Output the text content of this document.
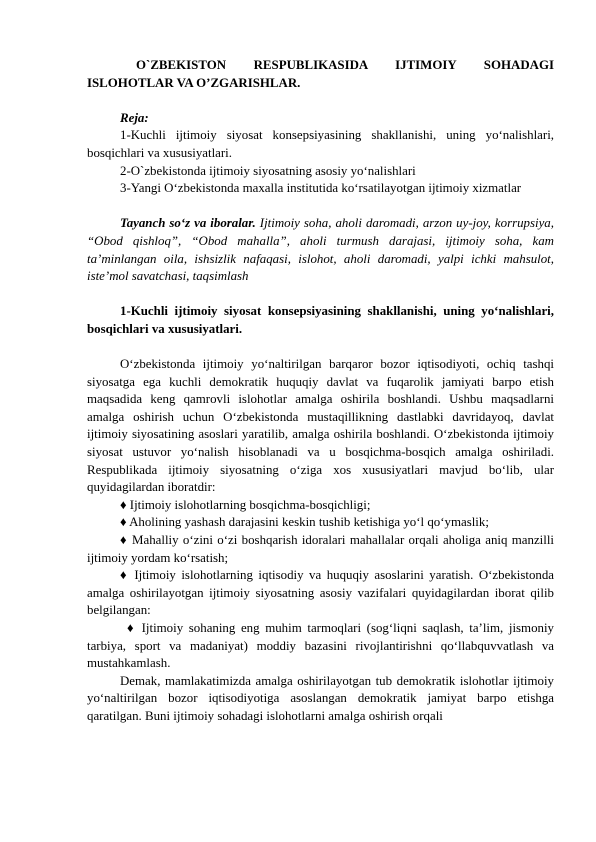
O`ZBEKISTON RESPUBLIKASIDA IJTIMOIY SOHADAGI ISLOHOTLAR VA O’ZGARISHLAR.

Reja:

1-Kuchli ijtimoiy siyosat konsepsiyasining shakllanishi, uning yo‘nalishlari, bosqichlari va xususiyatlari.

2-O`zbekistonda ijtimoiy siyosatning asosiy yo‘nalishlari

3-Yangi O‘zbekistonda maxalla institutida ko‘rsatilayotgan ijtimoiy xizmatlar

Tayanch so‘z va iboralar. Ijtimoiy soha, aholi daromadi, arzon uy-joy, korrupsiya, “Obod qishloq”, “Obod mahalla”, aholi turmush darajasi, ijtimoiy soha, kam ta’minlangan oila, ishsizlik nafaqasi, islohot, aholi daromadi, yalpi ichki mahsulot, iste’mol savatchasi, taqsimlash

1-Kuchli ijtimoiy siyosat konsepsiyasining shakllanishi, uning yo‘nalishlari, bosqichlari va xususiyatlari.

O‘zbekistonda ijtimoiy yo‘naltirilgan barqaror bozor iqtisodiyoti, ochiq tashqi siyosatga ega kuchli demokratik huquqiy davlat va fuqarolik jamiyati barpo etish maqsadida keng qamrovli islohotlar amalga oshirila boshlandi. Ushbu maqsadlarni amalga oshirish uchun O‘zbekistonda mustaqillikning dastlabki davridayoq, davlat ijtimoiy siyosatining asoslari yaratilib, amalga oshirila boshlandi. O‘zbekistonda ijtimoiy siyosat ustuvor yo‘nalish hisoblanadi va u bosqichma-bosqich amalga oshiriladi. Respublikada ijtimoiy siyosatning o‘ziga xos xususiyatlari mavjud bo‘lib, ular quyidagilardan iboratdir:

♦ Ijtimoiy islohotlarning bosqichma-bosqichligi;

♦ Aholining yashash darajasini keskin tushib ketishiga yo‘l qo‘ymaslik;

♦ Mahalliy o‘zini o‘zi boshqarish idoralari mahallalar orqali aholiga aniq manzilli ijtimoiy yordam ko‘rsatish;

♦ Ijtimoiy islohotlarning iqtisodiy va huquqiy asoslarini yaratish. O‘zbekistonda amalga oshirilayotgan ijtimoiy siyosatning asosiy vazifalari quyidagilardan iborat qilib belgilangan:

♦ Ijtimoiy sohaning eng muhim tarmoqlari (sog‘liqni saqlash, ta’lim, jismoniy tarbiya, sport va madaniyat) moddiy bazasini rivojlantirishni qo‘llabquvvatlash va mustahkamlash.

Demak, mamlakatimizda amalga oshirilayotgan tub demokratik islohotlar ijtimoiy yo‘naltirilgan bozor iqtisodiyotiga asoslangan demokratik jamiyat barpo etishga qaratilgan. Buni ijtimoiy sohadagi islohotlarni amalga oshirish orqali
